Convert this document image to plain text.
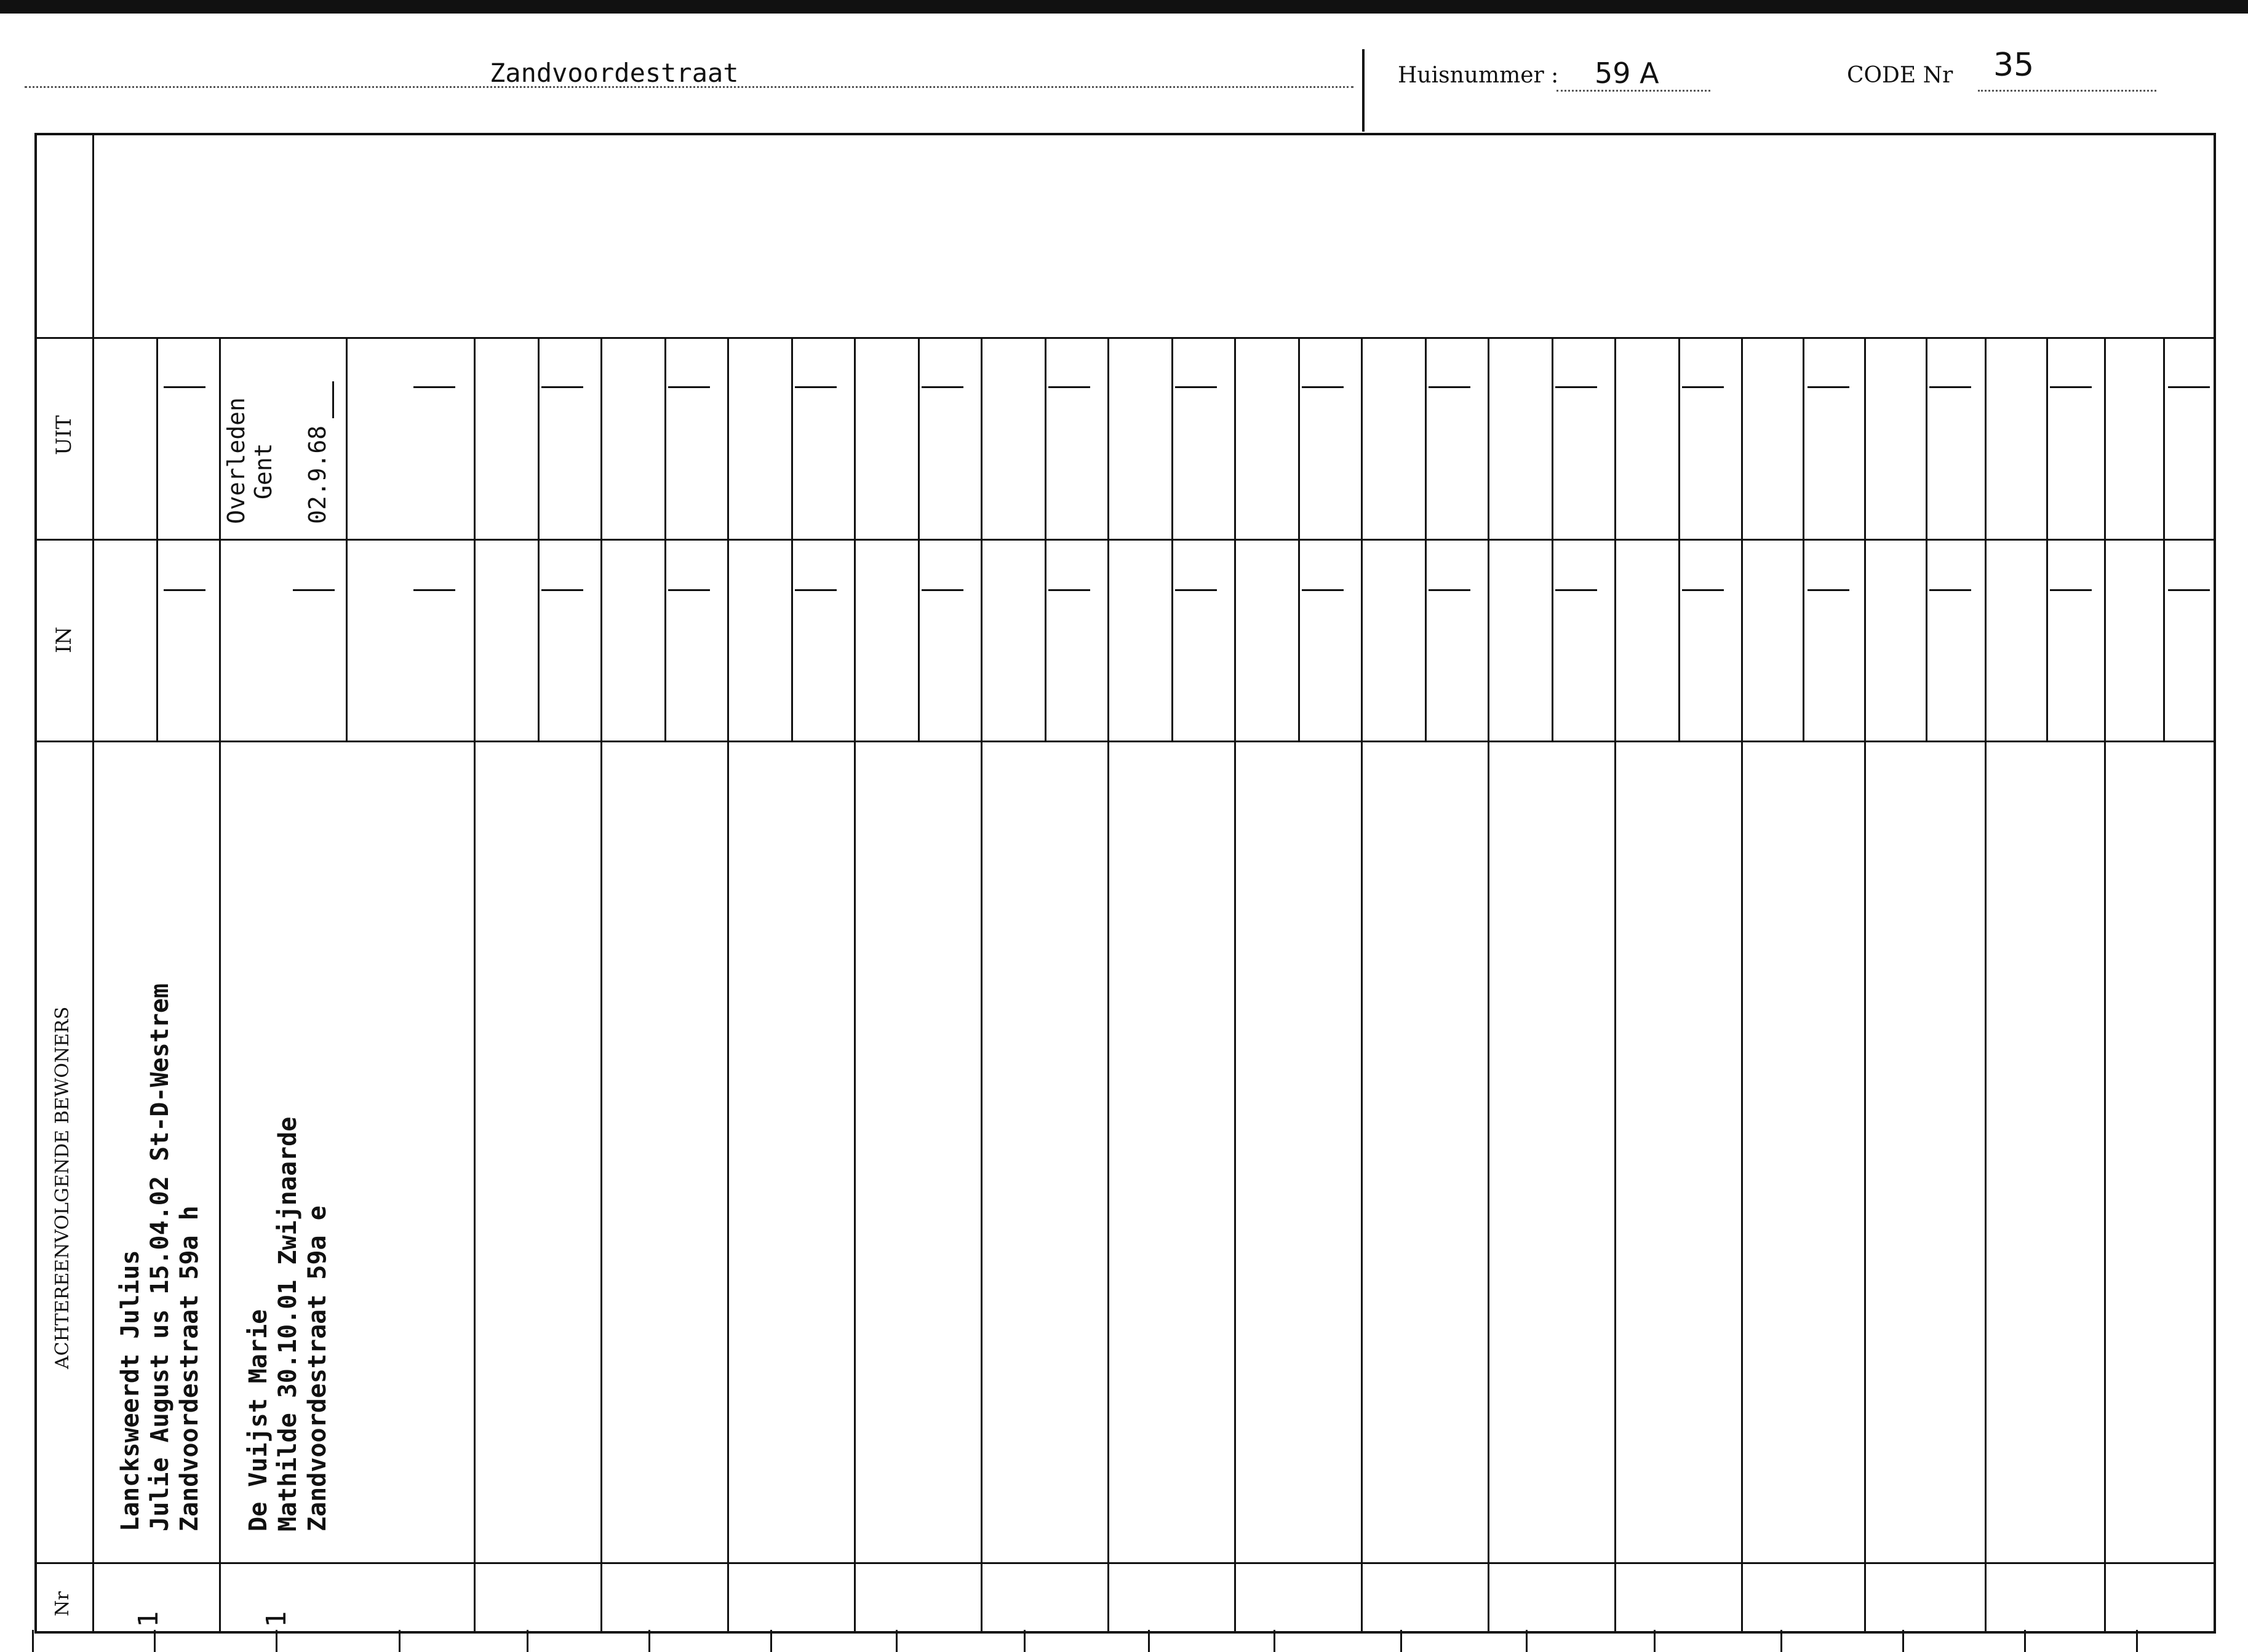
Zandvoordestraat	Huisnummer : 59 A	CODE Nr 35
UIT
IN
ACHTEREENVOLGENDE BEWONERS
Nr
Lancksweerdt Julius Julie August us 15.04.02 St-D-Westrem Zandvoordestraat 59a h
1
Overleden Gent 02.9.68
De Vuijst Marie Mathilde 30.10.01 Zwijnaarde Zandvoordestraat 59a e
1
